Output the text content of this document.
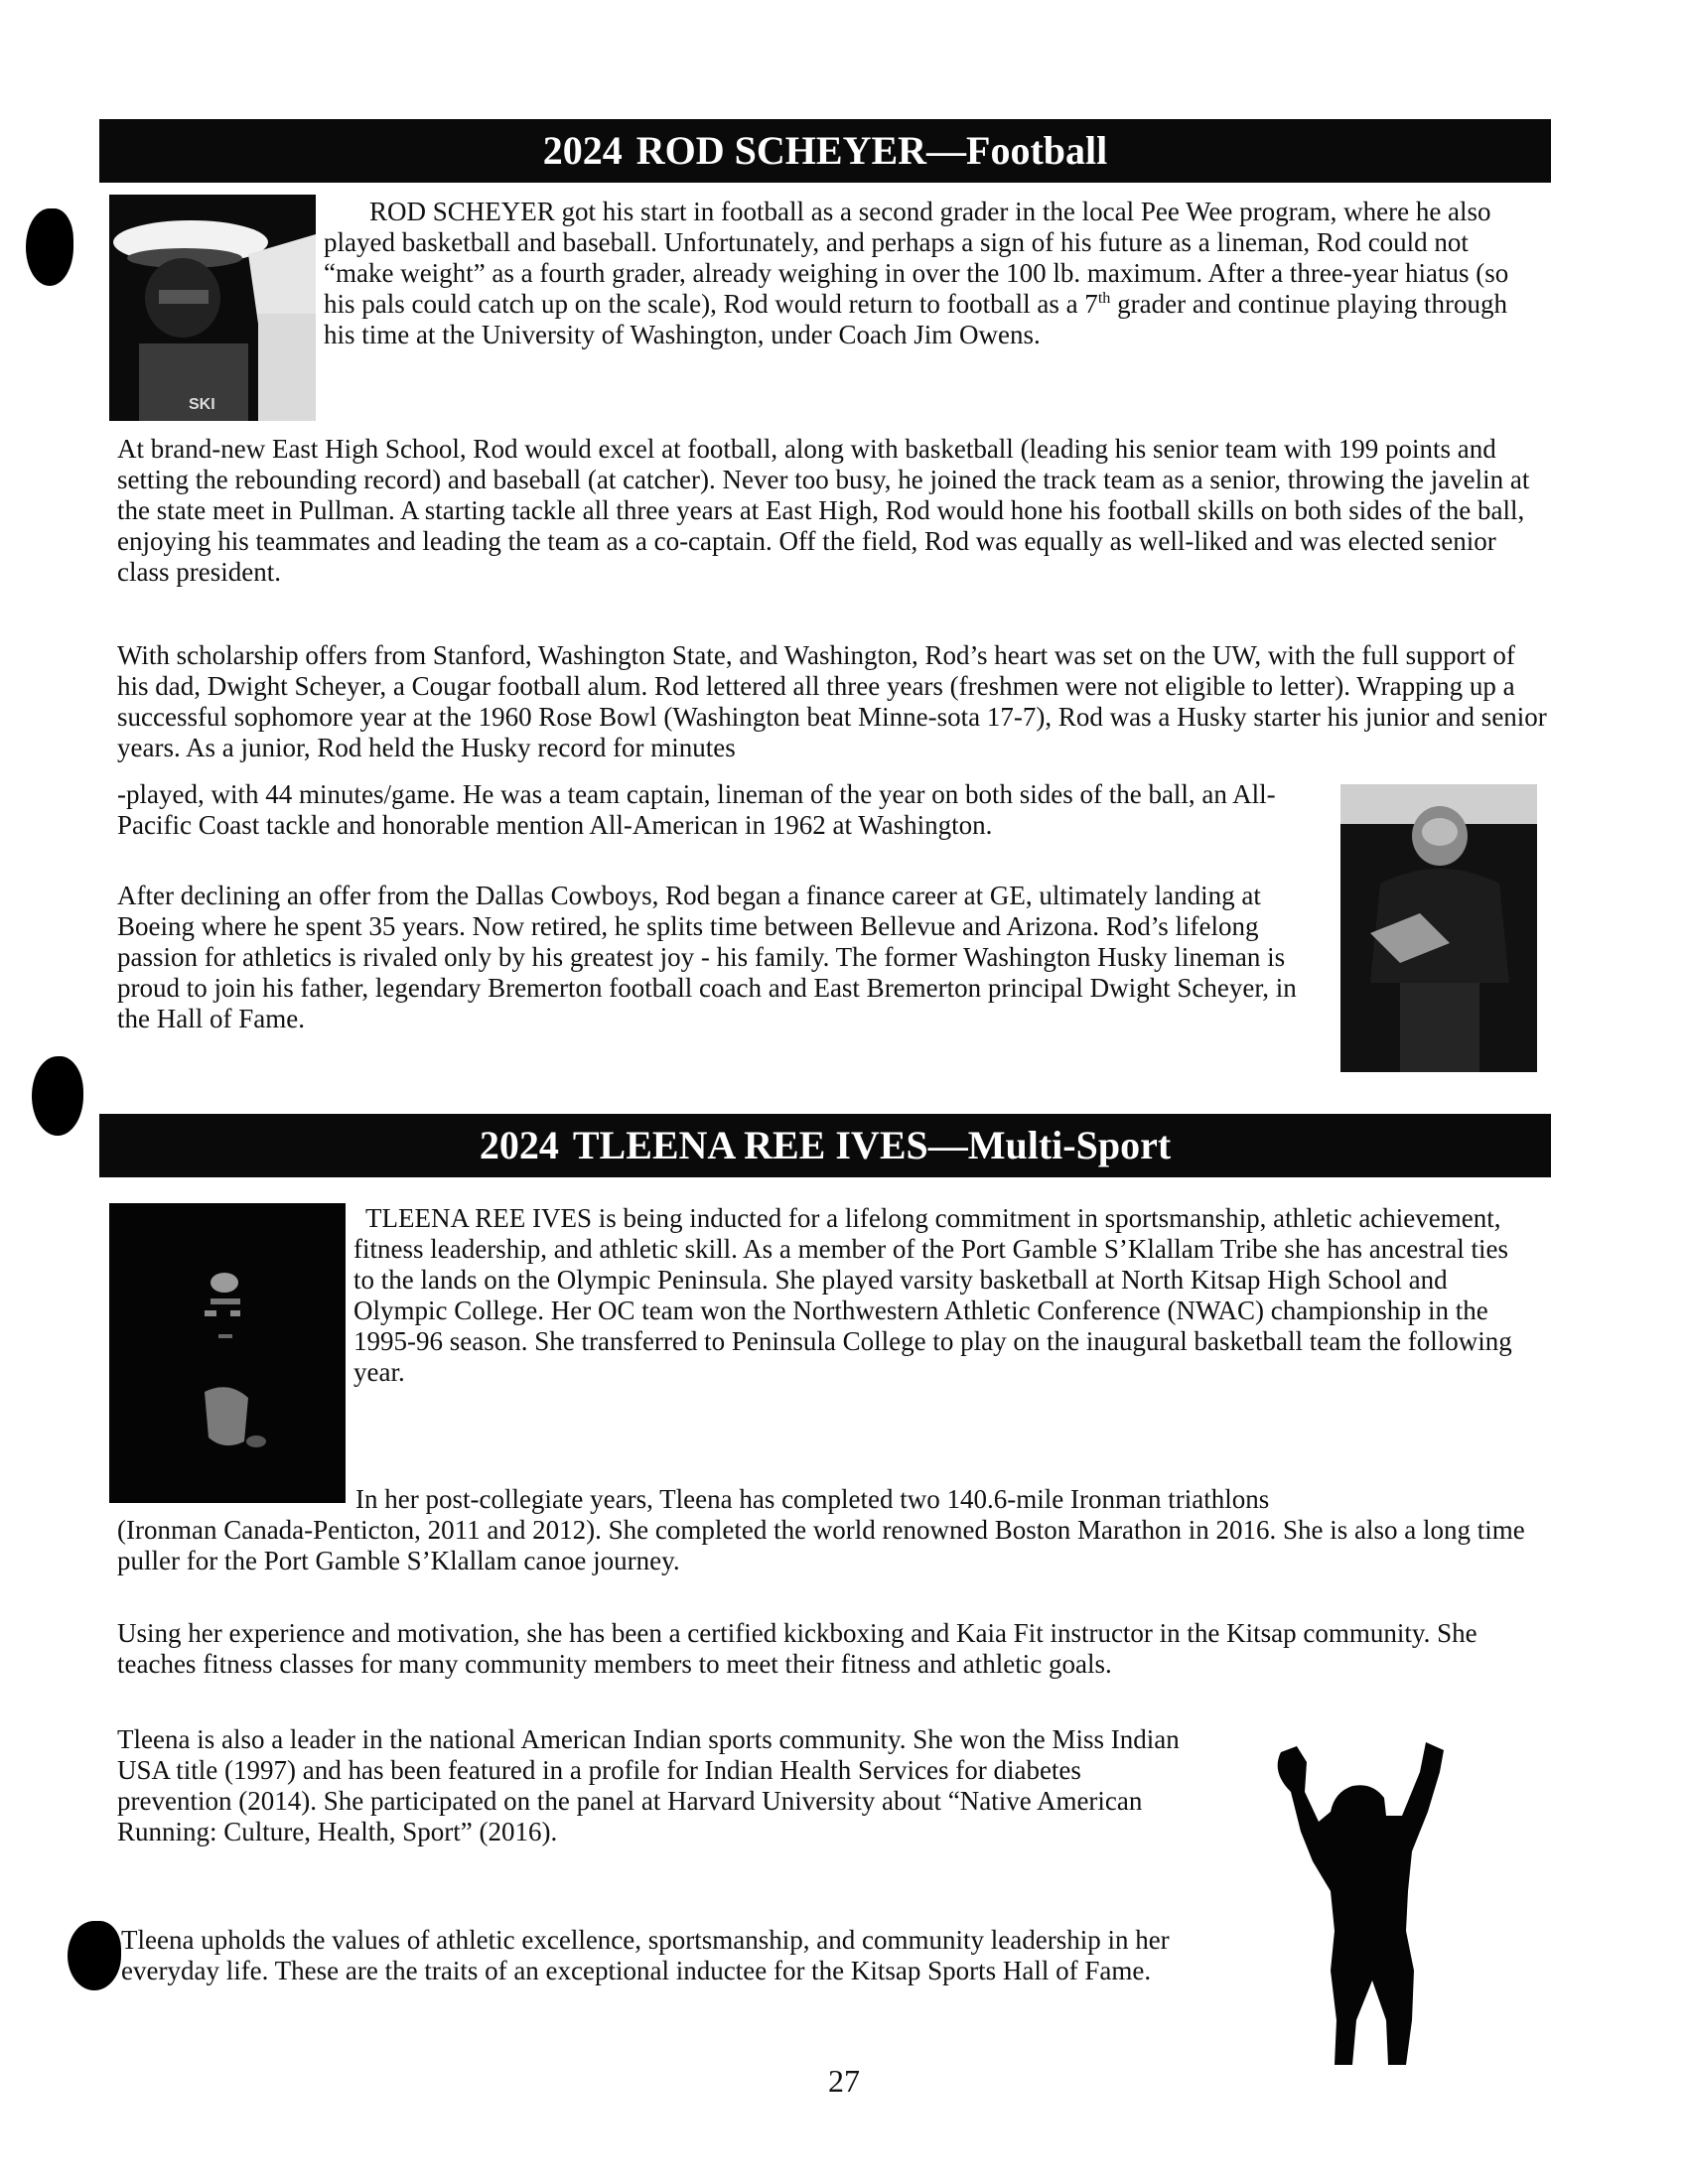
2024 ROD SCHEYER—Football
SKI

ROD SCHEYER got his start in football as a second grader in the local Pee Wee program, where he also played basketball and baseball. Unfortunately, and perhaps a sign of his future as a lineman, Rod could not “make weight” as a fourth grader, already weighing in over the 100 lb. maximum. After a three-year hiatus (so his pals could catch up on the scale), Rod would return to football as a 7th grader and continue playing through his time at the University of Washington, under Coach Jim Owens.

At brand-new East High School, Rod would excel at football, along with basketball (leading his senior team with 199 points and setting the rebounding record) and baseball (at catcher). Never too busy, he joined the track team as a senior, throwing the javelin at the state meet in Pullman. A starting tackle all three years at East High, Rod would hone his football skills on both sides of the ball, enjoying his teammates and leading the team as a co-captain. Off the field, Rod was equally as well-liked and was elected senior class president.

With scholarship offers from Stanford, Washington State, and Washington, Rod’s heart was set on the UW, with the full support of his dad, Dwight Scheyer, a Cougar football alum. Rod lettered all three years (freshmen were not eligible to letter). Wrapping up a successful sophomore year at the 1960 Rose Bowl (Washington beat Minne-sota 17-7), Rod was a Husky starter his junior and senior years. As a junior, Rod held the Husky record for minutes

-played, with 44 minutes/game. He was a team captain, lineman of the year on both sides of the ball, an All-Pacific Coast tackle and honorable mention All-American in 1962 at Washington.

After declining an offer from the Dallas Cowboys, Rod began a finance career at GE, ultimately landing at Boeing where he spent 35 years. Now retired, he splits time between Bellevue and Arizona. Rod’s lifelong passion for athletics is rivaled only by his greatest joy - his family. The former Washington Husky lineman is proud to join his father, legendary Bremerton football coach and East Bremerton principal Dwight Scheyer, in the Hall of Fame.

2024 TLEENA REE IVES—Multi-Sport

TLEENA REE IVES is being inducted for a lifelong commitment in sportsmanship, athletic achievement, fitness leadership, and athletic skill. As a member of the Port Gamble S’Klallam Tribe she has ancestral ties to the lands on the Olympic Peninsula. She played varsity basketball at North Kitsap High School and Olympic College. Her OC team won the Northwestern Athletic Conference (NWAC) championship in the 1995-96 season. She transferred to Peninsula College to play on the inaugural basketball team the following year.

In her post-collegiate years, Tleena has completed two 140.6-mile Ironman triathlons

(Ironman Canada-Penticton, 2011 and 2012). She completed the world renowned Boston Marathon in 2016. She is also a long time puller for the Port Gamble S’Klallam canoe journey.

Using her experience and motivation, she has been a certified kickboxing and Kaia Fit instructor in the Kitsap community. She teaches fitness classes for many community members to meet their fitness and athletic goals.

Tleena is also a leader in the national American Indian sports community. She won the Miss Indian USA title (1997) and has been featured in a profile for Indian Health Services for diabetes prevention (2014). She participated on the panel at Harvard University about “Native American Running: Culture, Health, Sport” (2016).

Tleena upholds the values of athletic excellence, sportsmanship, and community leadership in her everyday life. These are the traits of an exceptional inductee for the Kitsap Sports Hall of Fame.

27
